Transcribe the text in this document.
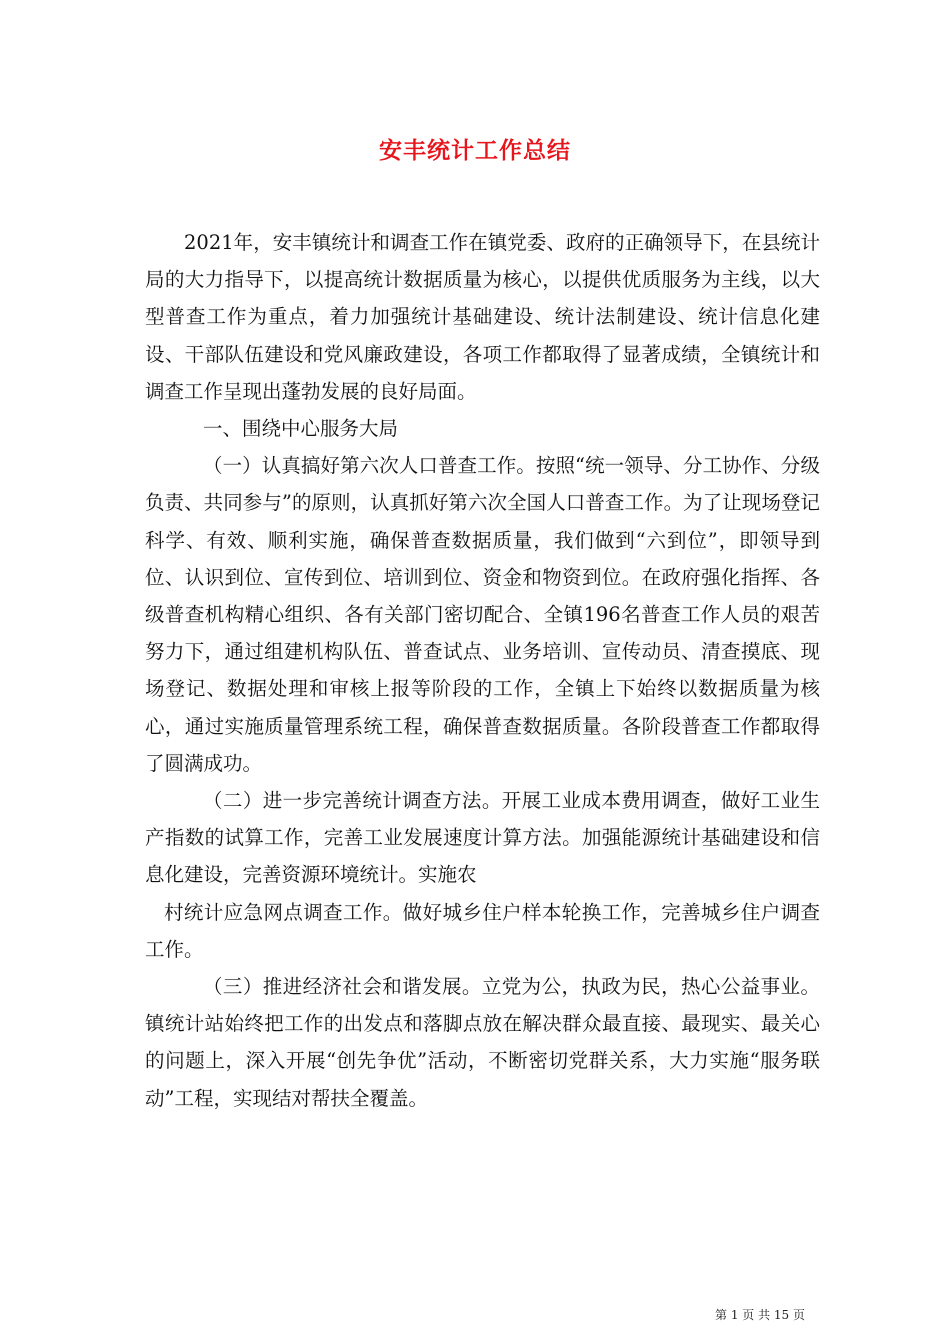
安丰统计工作总结

2021年，安丰镇统计和调查工作在镇党委、政府的正确领导下，在县统计局的大力指导下，以提高统计数据质量为核心，以提供优质服务为主线，以大型普查工作为重点，着力加强统计基础建设、统计法制建设、统计信息化建设、干部队伍建设和党风廉政建设，各项工作都取得了显著成绩，全镇统计和调查工作呈现出蓬勃发展的良好局面。

一、围绕中心服务大局

（一）认真搞好第六次人口普查工作。按照“统一领导、分工协作、分级负责、共同参与”的原则，认真抓好第六次全国人口普查工作。为了让现场登记科学、有效、顺利实施，确保普查数据质量，我们做到“六到位”，即领导到位、认识到位、宣传到位、培训到位、资金和物资到位。在政府强化指挥、各级普查机构精心组织、各有关部门密切配合、全镇196名普查工作人员的艰苦努力下，通过组建机构队伍、普查试点、业务培训、宣传动员、清查摸底、现场登记、数据处理和审核上报等阶段的工作，全镇上下始终以数据质量为核心，通过实施质量管理系统工程，确保普查数据质量。各阶段普查工作都取得了圆满成功。

（二）进一步完善统计调查方法。开展工业成本费用调查，做好工业生产指数的试算工作，完善工业发展速度计算方法。加强能源统计基础建设和信息化建设，完善资源环境统计。实施农

村统计应急网点调查工作。做好城乡住户样本轮换工作，完善城乡住户调查工作。

（三）推进经济社会和谐发展。立党为公，执政为民，热心公益事业。镇统计站始终把工作的出发点和落脚点放在解决群众最直接、最现实、最关心的问题上，深入开展“创先争优”活动，不断密切党群关系，大力实施“服务联动”工程，实现结对帮扶全覆盖。

第 1 页 共 15 页
